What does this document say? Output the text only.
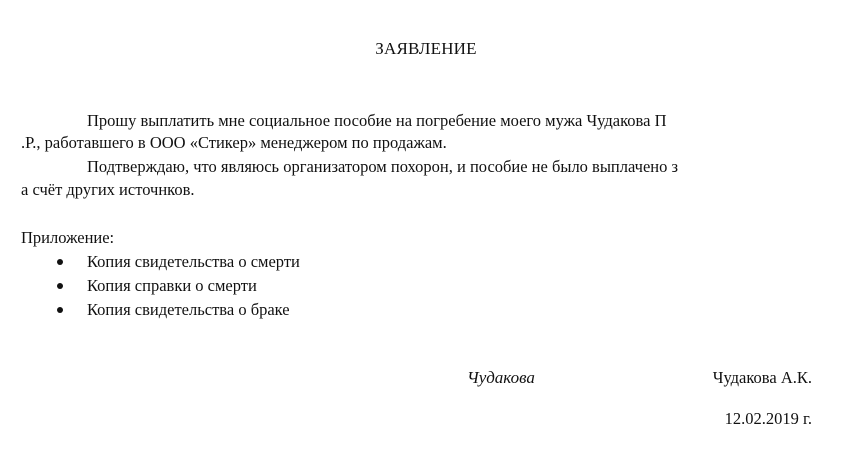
ЗАЯВЛЕНИЕ
Прошу выплатить мне социальное пособие на погребение моего мужа Чудакова П
.Р., работавшего в ООО «Стикер» менеджером по продажам.
Подтверждаю, что являюсь организатором похорон, и пособие не было выплачено з
а счёт других источнков.
Приложение:
Копия свидетельства о смерти
Копия справки о смерти
Копия свидетельства о браке
Чудакова	Чудакова А.К.
12.02.2019 г.
